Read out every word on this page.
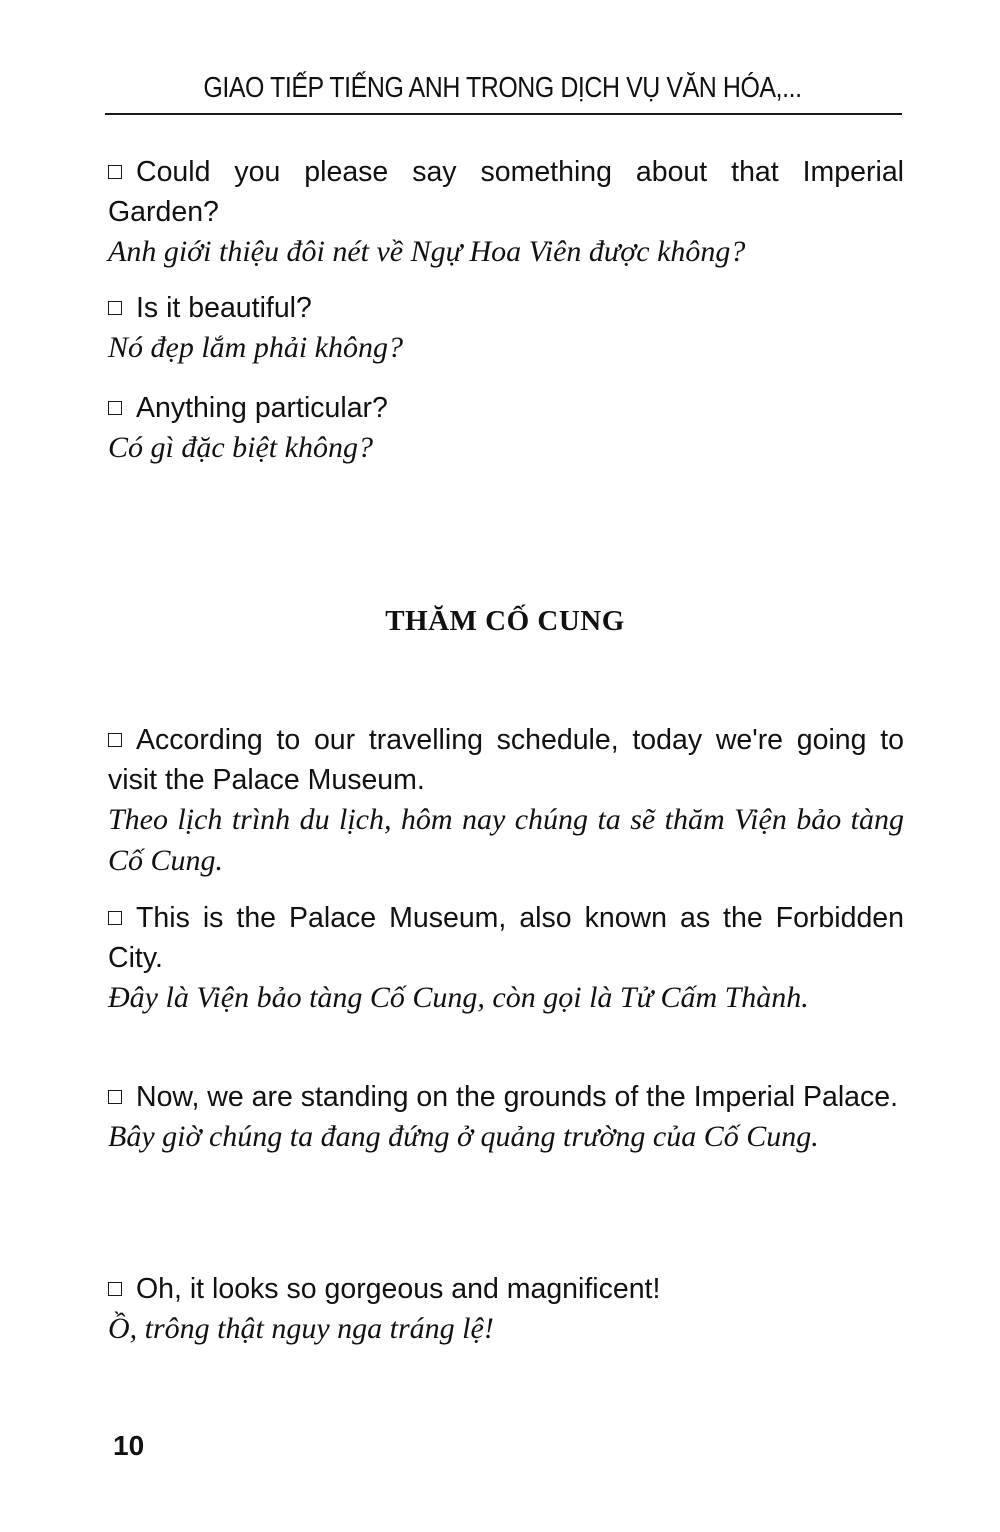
GIAO TIẾP TIẾNG ANH TRONG DỊCH VỤ VĂN HÓA,...
Could you please say something about that Imperial Garden?
Anh giới thiệu đôi nét về Ngự Hoa Viên được không?
Is it beautiful?
Nó đẹp lắm phải không?
Anything particular?
Có gì đặc biệt không?
THĂM CỐ CUNG
According to our travelling schedule, today we're going to visit the Palace Museum.
Theo lịch trình du lịch, hôm nay chúng ta sẽ thăm Viện bảo tàng Cố Cung.
This is the Palace Museum, also known as the Forbidden City.
Đây là Viện bảo tàng Cố Cung, còn gọi là Tử Cấm Thành.
Now, we are standing on the grounds of the Imperial Palace.
Bây giờ chúng ta đang đứng ở quảng trường của Cố Cung.
Oh, it looks so gorgeous and magnificent!
Ồ, trông thật nguy nga tráng lệ!
10
